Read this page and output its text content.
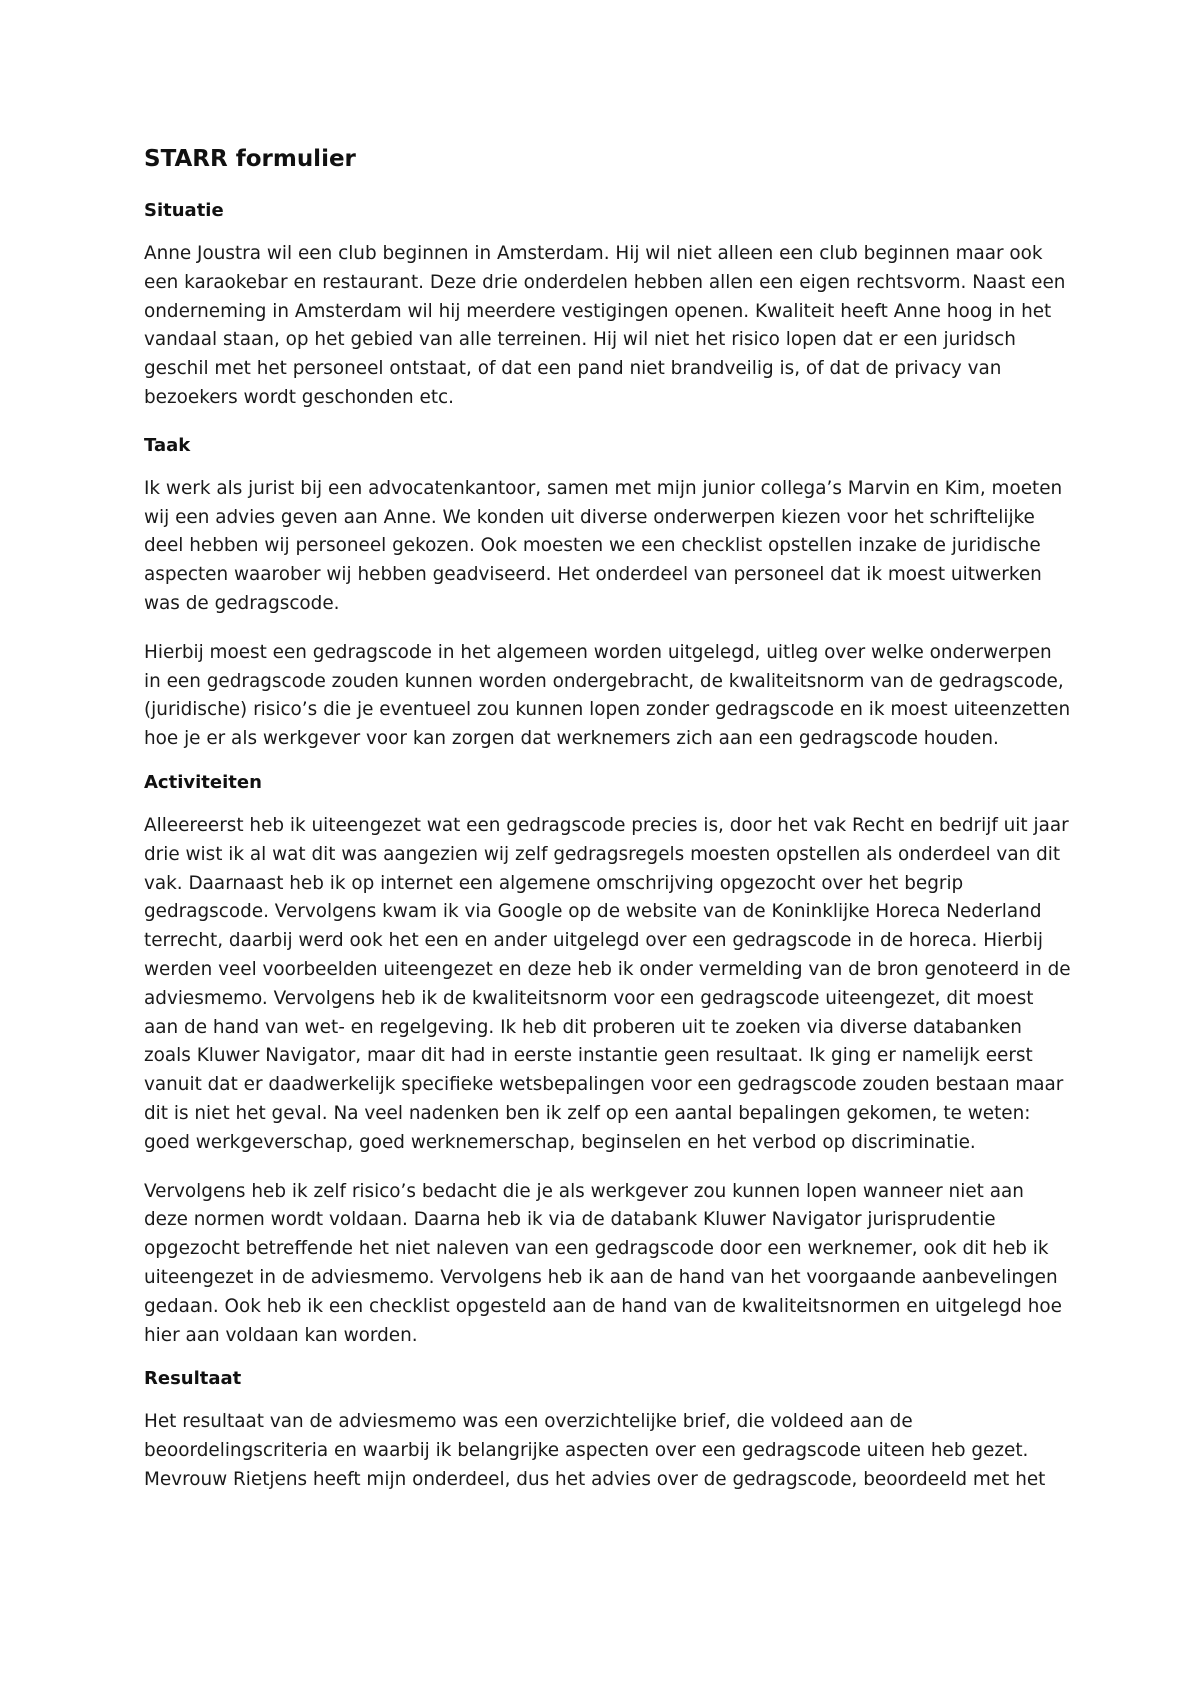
STARR formulier
Situatie

Anne Joustra wil een club beginnen in Amsterdam. Hij wil niet alleen een club beginnen maar ook een karaokebar en restaurant. Deze drie onderdelen hebben allen een eigen rechtsvorm. Naast een onderneming in Amsterdam wil hij meerdere vestigingen openen. Kwaliteit heeft Anne hoog in het vandaal staan, op het gebied van alle terreinen. Hij wil niet het risico lopen dat er een juridsch geschil met het personeel ontstaat, of dat een pand niet brandveilig is, of dat de privacy van bezoekers wordt geschonden etc.

Taak

Ik werk als jurist bij een advocatenkantoor, samen met mijn junior collega’s Marvin en Kim, moeten wij een advies geven aan Anne. We konden uit diverse onderwerpen kiezen voor het schriftelijke deel hebben wij personeel gekozen. Ook moesten we een checklist opstellen inzake de juridische aspecten waarober wij hebben geadviseerd. Het onderdeel van personeel dat ik moest uitwerken was de gedragscode.

Hierbij moest een gedragscode in het algemeen worden uitgelegd, uitleg over welke onderwerpen in een gedragscode zouden kunnen worden ondergebracht, de kwaliteitsnorm van de gedragscode, (juridische) risico’s die je eventueel zou kunnen lopen zonder gedragscode en ik moest uiteenzetten hoe je er als werkgever voor kan zorgen dat werknemers zich aan een gedragscode houden.

Activiteiten

Alleereerst heb ik uiteengezet wat een gedragscode precies is, door het vak Recht en bedrijf uit jaar drie wist ik al wat dit was aangezien wij zelf gedragsregels moesten opstellen als onderdeel van dit vak. Daarnaast heb ik op internet een algemene omschrijving opgezocht over het begrip gedragscode. Vervolgens kwam ik via Google op de website van de Koninklijke Horeca Nederland terrecht, daarbij werd ook het een en ander uitgelegd over een gedragscode in de horeca. Hierbij werden veel voorbeelden uiteengezet en deze heb ik onder vermelding van de bron genoteerd in de adviesmemo. Vervolgens heb ik de kwaliteitsnorm voor een gedragscode uiteengezet, dit moest aan de hand van wet- en regelgeving. Ik heb dit proberen uit te zoeken via diverse databanken zoals Kluwer Navigator, maar dit had in eerste instantie geen resultaat. Ik ging er namelijk eerst vanuit dat er daadwerkelijk specifieke wetsbepalingen voor een gedragscode zouden bestaan maar dit is niet het geval. Na veel nadenken ben ik zelf op een aantal bepalingen gekomen, te weten: goed werkgeverschap, goed werknemerschap, beginselen en het verbod op discriminatie.

Vervolgens heb ik zelf risico’s bedacht die je als werkgever zou kunnen lopen wanneer niet aan deze normen wordt voldaan. Daarna heb ik via de databank Kluwer Navigator jurisprudentie opgezocht betreffende het niet naleven van een gedragscode door een werknemer, ook dit heb ik uiteengezet in de adviesmemo. Vervolgens heb ik aan de hand van het voorgaande aanbevelingen gedaan. Ook heb ik een checklist opgesteld aan de hand van de kwaliteitsnormen en uitgelegd hoe hier aan voldaan kan worden.

Resultaat

Het resultaat van de adviesmemo was een overzichtelijke brief, die voldeed aan de beoordelingscriteria en waarbij ik belangrijke aspecten over een gedragscode uiteen heb gezet. Mevrouw Rietjens heeft mijn onderdeel, dus het advies over de gedragscode, beoordeeld met het
